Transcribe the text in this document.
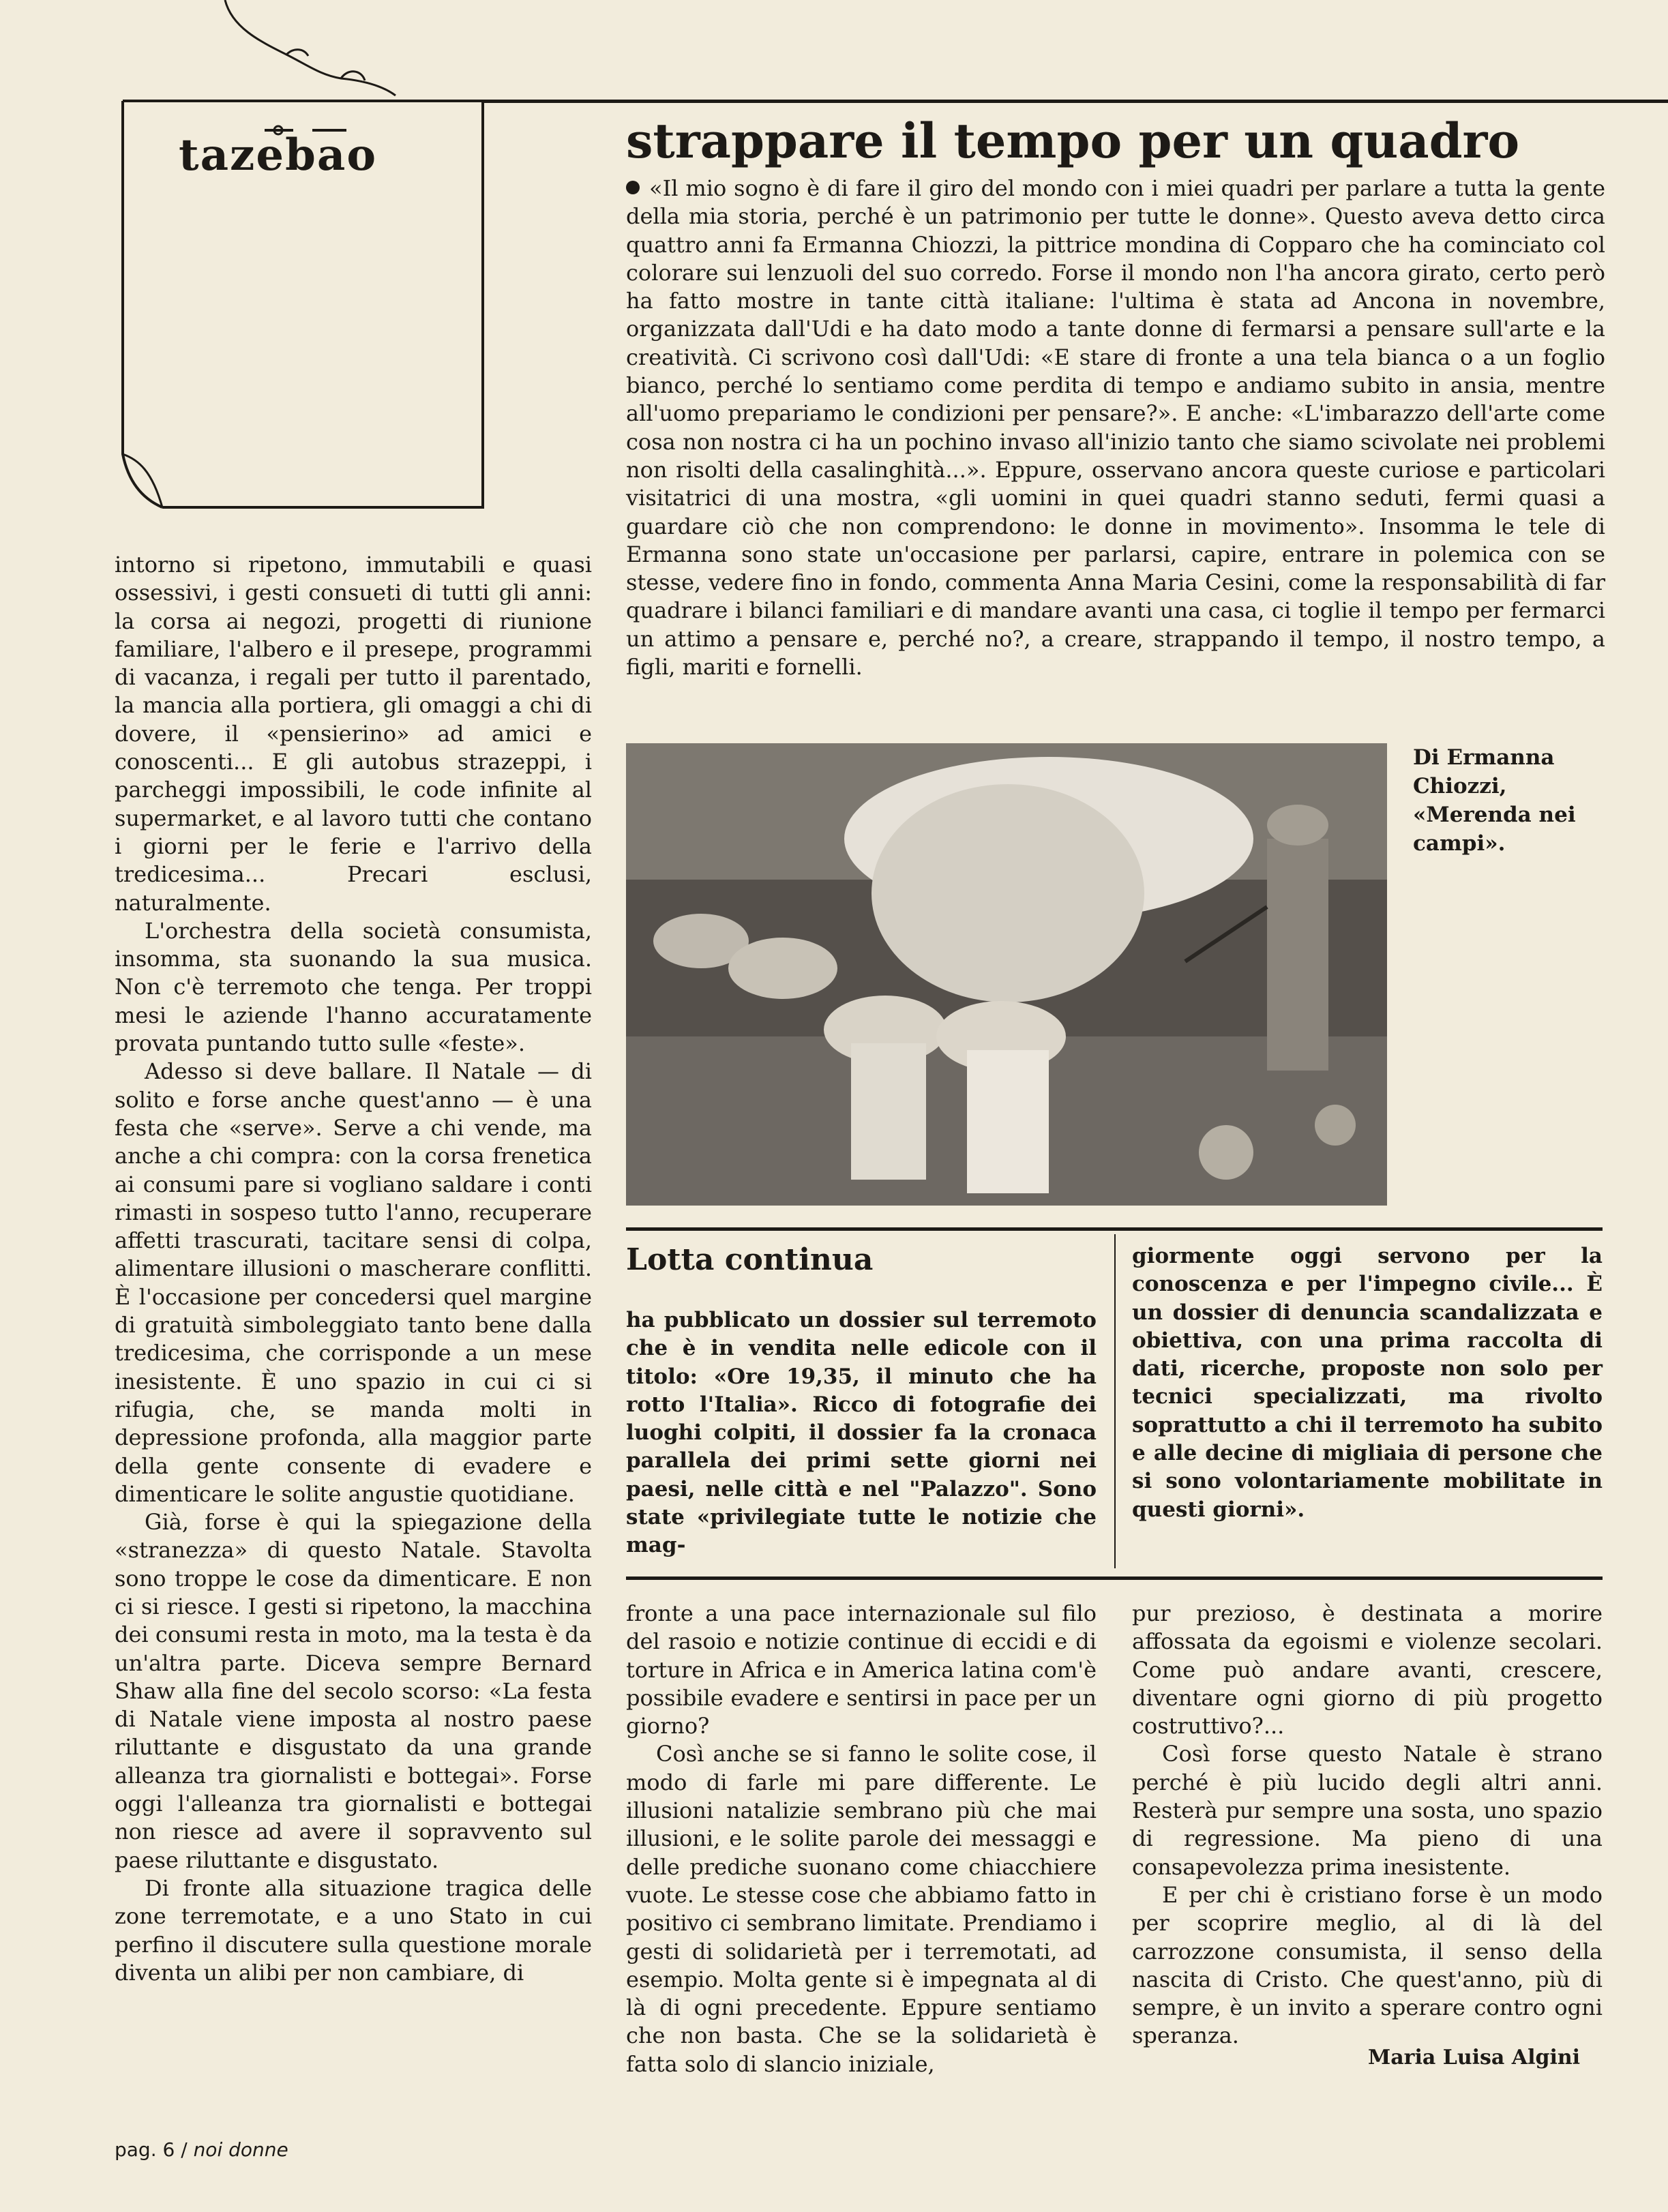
tazebao	strappare il tempo per un quadro
«Il mio sogno è di fare il giro del mondo con i miei quadri per parlare a tutta la gente della mia storia, perché è un patrimonio per tutte le donne». Questo aveva detto circa quattro anni fa Ermanna Chiozzi, la pittrice mondina di Copparo che ha cominciato col colorare sui lenzuoli del suo corredo. Forse il mondo non l'ha ancora girato, certo però ha fatto mostre in tante città italiane: l'ultima è stata ad Ancona in novembre, organizzata dall'Udi e ha dato modo a tante donne di fermarsi a pensare sull'arte e la creatività. Ci scrivono così dall'Udi: «E stare di fronte a una tela bianca o a un foglio bianco, perché lo sentiamo come perdita di tempo e andiamo subito in ansia, mentre all'uomo prepariamo le condizioni per pensare?». E anche: «L'imbarazzo dell'arte come cosa non nostra ci ha un pochino invaso all'inizio tanto che siamo scivolate nei problemi non risolti della casalinghità...». Eppure, osservano ancora queste curiose e particolari visitatrici di una mostra, «gli uomini in quei quadri stanno seduti, fermi quasi a guardare ciò che non comprendono: le donne in movimento». Insomma le tele di Ermanna sono state un'occasione per parlarsi, capire, entrare in polemica con se stesse, vedere fino in fondo, commenta Anna Maria Cesini, come la responsabilità di far quadrare i bilanci familiari e di mandare avanti una casa, ci toglie il tempo per fermarci un attimo a pensare e, perché no?, a creare, strappando il tempo, il nostro tempo, a figli, mariti e fornelli.

intorno si ripetono, immutabili e quasi ossessivi, i gesti consueti di tutti gli anni: la corsa ai negozi, progetti di riunione familiare, l'albero e il presepe, programmi di vacanza, i regali per tutto il parentado, la mancia alla portiera, gli omaggi a chi di dovere, il «pensierino» ad amici e conoscenti... E gli autobus strazeppi, i parcheggi impossibili, le code infinite al supermarket, e al lavoro tutti che contano i giorni per le ferie e l'arrivo della tredicesima... Precari esclusi, naturalmente.

L'orchestra della società consumista, insomma, sta suonando la sua musica. Non c'è terremoto che tenga. Per troppi mesi le aziende l'hanno accuratamente provata puntando tutto sulle «feste».

Adesso si deve ballare. Il Natale — di solito e forse anche quest'anno — è una festa che «serve». Serve a chi vende, ma anche a chi compra: con la corsa frenetica ai consumi pare si vogliano saldare i conti rimasti in sospeso tutto l'anno, recuperare affetti trascurati, tacitare sensi di colpa, alimentare illusioni o mascherare conflitti. È l'occasione per concedersi quel margine di gratuità simboleggiato tanto bene dalla tredicesima, che corrisponde a un mese inesistente. È uno spazio in cui ci si rifugia, che, se manda molti in depressione profonda, alla maggior parte della gente consente di evadere e dimenticare le solite angustie quotidiane.

Già, forse è qui la spiegazione della «stranezza» di questo Natale. Stavolta sono troppe le cose da dimenticare. E non ci si riesce. I gesti si ripetono, la macchina dei consumi resta in moto, ma la testa è da un'altra parte. Diceva sempre Bernard Shaw alla fine del secolo scorso: «La festa di Natale viene imposta al nostro paese riluttante e disgustato da una grande alleanza tra giornalisti e bottegai». Forse oggi l'alleanza tra giornalisti e bottegai non riesce ad avere il sopravvento sul paese riluttante e disgustato.

Di fronte alla situazione tragica delle zone terremotate, e a uno Stato in cui perfino il discutere sulla questione morale diventa un alibi per non cambiare, di

Di Ermanna
Chiozzi,
«Merenda nei
campi».
Lotta continua
ha pubblicato un dossier sul terremoto che è in vendita nelle edicole con il titolo: «Ore 19,35, il minuto che ha rotto l'Italia». Ricco di fotografie dei luoghi colpiti, il dossier fa la cronaca parallela dei primi sette giorni nei paesi, nelle città e nel "Palazzo". Sono state «privilegiate tutte le notizie che mag-
giormente oggi servono per la conoscenza e per l'impegno civile... È un dossier di denuncia scandalizzata e obiettiva, con una prima raccolta di dati, ricerche, proposte non solo per tecnici specializzati, ma rivolto soprattutto a chi il terremoto ha subito e alle decine di migliaia di persone che si sono volontariamente mobilitate in questi giorni».

fronte a una pace internazionale sul filo del rasoio e notizie continue di eccidi e di torture in Africa e in America latina com'è possibile evadere e sentirsi in pace per un giorno?

Così anche se si fanno le solite cose, il modo di farle mi pare differente. Le illusioni natalizie sembrano più che mai illusioni, e le solite parole dei messaggi e delle prediche suonano come chiacchiere vuote. Le stesse cose che abbiamo fatto in positivo ci sembrano limitate. Prendiamo i gesti di solidarietà per i terremotati, ad esempio. Molta gente si è impegnata al di là di ogni precedente. Eppure sentiamo che non basta. Che se la solidarietà è fatta solo di slancio iniziale,

pur prezioso, è destinata a morire affossata da egoismi e violenze secolari. Come può andare avanti, crescere, diventare ogni giorno di più progetto costruttivo?...

Così forse questo Natale è strano perché è più lucido degli altri anni. Resterà pur sempre una sosta, uno spazio di regressione. Ma pieno di una consapevolezza prima inesistente.

E per chi è cristiano forse è un modo per scoprire meglio, al di là del carrozzone consumista, il senso della nascita di Cristo. Che quest'anno, più di sempre, è un invito a sperare contro ogni speranza.

Maria Luisa Algini
pag. 6 / noi donne
